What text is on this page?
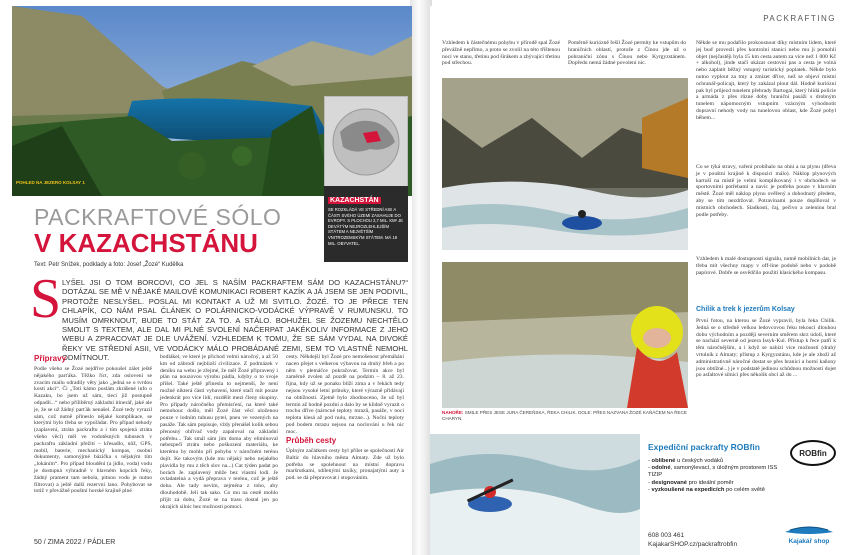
POHLED NA JEZERO KOLSAY 1
KAZACHSTÁN
SE ROZKLÁDÁ VE STŘEDNÍ ASII A ČÁSTI SVÉHO ÚZEMÍ ZASAHUJE DO EVROPY. S PLOCHOU 2,7 MIL. KM² JE DEVÁTÝM NEJROZLEHLEJŠÍM STÁTEM A NEJVĚTŠÍM VNITROZEMSKÝM STÁTEM. MÁ 19 MIL. OBYVATEL.
PACKRAFTOVÉ SÓLO
V KAZACHSTÁNU
Text: Petr Snížek, podklady a foto: Josef „Žozé“ Kudělka
S LYŠEL JSI O TOM BORCOVI, CO JEL S NAŠÍM PACKRAFTEM SÁM DO KAZACHSTÁNU?“ DOTÁZAL SE MĚ V NĚJAKÉ MAILOVÉ KOMUNIKACI ROBERT KAZÍK A JÁ JSEM SE JEN PODIVIL, PROTOŽE NESLYŠEL. POSLAL MI KONTAKT A UŽ MI SVITLO. ŽOZÉ. TO JE PŘECE TEN CHLAPÍK, CO NÁM PSAL ČLÁNEK O POLÁRNICKO-VODÁCKÉ VÝPRAVĚ V RUMUNSKU. TO MUSÍM OMRKNOUT, BUDE TO STÁT ZA TO. A STÁLO. BOHUŽEL SE ŽOZEMU NECHTĚLO SMOLIT S TEXTEM, ALE DAL MI PLNÉ SVOLENÍ NAČERPAT JAKÉKOLIV INFORMACE Z JEHO WEBU A ZPRACOVAT JE DLE UVÁŽENÍ. VZHLEDEM K TOMU, ŽE SE SÁM VYDAL NA DIVOKÉ ŘEKY VE STŘEDNÍ ASII, VE VODÁCKY MÁLO PROBÁDANÉ ZEMI, SEM TO VLASTNĚ NEMOHL ODMÍTNOUT.
Přípravy
Podle všeho se Žozé nejdříve pokoušel zálet ještě nějakého parťáka. Těžko říct, zda oslovení se zvacím mailu odradily věty jako „jedná se o tvrdou kostí akci“. Či „Toti kámo poslám zkrášené info o Kazaku, bo jsem už sám, tiecí již postupně odpadli...“ nebo příliběrný základní itinerář, jaké ale je, že se už žádný parťák nenašel. Žozé tedy vyrazil sám, což nutně přineslo nějaké komplikace, se kterými bylo třeba se vypořádat. Pro případ nehody (zaplavení, ztráta packraftu a i tím spojená ztráta všeho věcí) měl ve vodotěsných tubusech v packraftu základní přežití – křesadlo, nůž, GPS, mobil, baterie, mechanický kompas, osobní dokumenty, samonýjmé bázička s nějakým tím „lokáním“. Pro případ bloudění (a jídlo, voda) vodu je dostupná výhradně v blavném kopcích řeky, žádný prament tam nebola, pitnou vodu je nutno filtrovat) a ještě další rezervní lano. Pohybovat se totiž v převážně pouštní horské krajině plné
bodlákel, ve které je přichod velmi náročný, a až 50 km od zábrodí nejblizší civilizace. Z podmázek v deníku na webu je zřejmé, že měl Žozé připravený i plán na nouzovou výrobu pádla, kdyby o to svoje přišel. Také ještě přinesla to nejmenší, že není možné nikterá částí vybavení, které stačí mít pouze jedenkrát pro více lidí, rozdělit mezi členy skupiny. Pro případy náročného přemísťení, na které také nemohouc došlo, měl Žozé část věcí uloženou pouze v lodním tubusu pytel, pneu ve vezených na pasáže. Tak sám popisuje, vždy přenášel kolik sebou přenosný ohřívač vody zapaloval na základní potřebu... Tak smál sám jim doma aby eliminoval nebezpečí ztrátu nebo poškození materiálu, ke kterému by mohlo při pohybu v náročném terénu dojít. Ke takovým (kde mu nějaký nebo nejakého plavidla by mu z těch slov na...) Cat týden padat po horách Je. zaplavený může bez vlastní lodi. Je ovladatelná a vydá přeprava v terénu, což je ještě doba. Ale tady nevím, zejména z toho, aby dlouhodobě. Jeli tak sako. Co mu na cestě mohlo přijít za dobu, Žozé se na trasu dostal jen po okrajích silnic bez možnosti pomoci.
cesty. Někdejší byl Žozé pro nemošenost přemáhání nacen přejet s velkerou výbavou na druhý břeh a po něm v plemáčce pokračovat. Termín akce byl zaměrně zvolen až pozdě na podzim – 8. až 23. října, kdy už se ponaku blíží zima a v řekách tedy nejsou vysoké letní průtoky, které výrazně přidávají na obtížnosti. Zjetně bylo zhodnoceno, že už byl termín až hodně pozdní a dalo by se klidně vyrazit o trochu dříve (nárocné teploty mrazů, pasáže, v noci teplota klesá až pod nulu, mrzne...). Noční teploty pod bodem mrazu nejsou na noclování u řek nic moc.
Průběh cesty
Úplným začátkem cesty byl přílet se společností Air Baltic do hlavního města Almaty. Zde už bylo potřeba se spolehnout na místní dopravu maršrutkami, sdílenými taxíky, pronajatými auty a pod. se dá přepravovat i stopováním.
50 / ZIMA 2022 / PÁDLER
PACKRAFTING
Vzhledem k částečnému pohybu v přírodě spal Žozé převážně nepřímo, a proto se zvolil na této tříštenou nocí ve stanu, třetinu pod širákem a zbývající třetinu pod střechou.
Poměrně kuriózně řešil Žozé permity ke vstupům do hraničních oblastí, protože z Čínou jde už o pohraniční zónu s Čínou nebo Kyrgyzstánem. Dopředu nemá žádné povolení nic.
NAHOŘE: SMILE PŘES JESE JURA ČEREŇSKA, ŘEKA CHILIK. DOLE: PŘES NAZVANA ŽOZÉ KAŇÁČEM NA ŘECE CHARYN.
Někde se mu podařilo prokousnout díky místním lidem, které jej buď provezli přes kontrolní stanici nebo mu ji pomohli objet (nejčastěji byla 15 km cesta autem za více než 1 000 Kč + alkohol), jinde stačí ukázat cestovní pas a cesta je volná nebo zaplatit běžný vstupný turistický poplatek. Někde bylo nutno vyplout za tmy a zmizet dříve, než se objeví místní ochranář-policajt, který by zakázal plout dál. Hodně kuriózní pak byl průjezd tunelem přehrady Bartogai, který hlídá policie a armáda z přes různé doby hraniční pasáží s drobným tunelem nápomocným vstupním vzácným vyhodnotit dopravní nehody vody na tunelovou oblast, kde Žozé pobyl během...
Co se týká stravy, vaření probíhalo na ohni a na plynu (dřeva je v pouštní krajině k dispozici málo). Náklop plynových kartuší na místě je velmi komplikovaný i v obchodech se sportovními potřebami a navíc je potřeba pouze v hlavním městě. Žozé měl náklop plynu ověřený a dohodnutý předem, aby se tím nezdržoval. Potravinami pouze doplňoval v místních obchodech. Sladkosti, čaj, pečivo a zeleninu bral podle potřeby.
Vzhledem k malé dostupnosti signálu, nutně mobilních dat, je třeba mít všechny mapy v off-line podobě nebo v podobě papírové. Dobře se osvědčilo použití klasického kompasu.
Chilik a trek k jezerům Kolsay
První fotou, na kterou se Žozé vypravil, byla řeka Chilik. Jedná se o středně velkou ledovcovou řeku tekoucí dlouhou dobu východním a později severním směrem skrz údolí, které se nachází severně od jezera Issyk-Kul. Přístup k řece patří k těm náročnějším, a i když se nabízí více možností (drahý vrtulník z Almaty; přístup z Kyrgyzstánu, kde je ale zboží až administrativně náročné dostat se přes hranici a horní kaňony jsou obtížné...) je v podstatě jedinou schůdnou možností dojet po asfaltové silnici přes několik obcí až do ...
Expediční packrafty ROBfin
ROBfin
- oblíbené u českých vodáků
- odolné, samonýlevací, s úložným prostorem ISS TIZIP
- designované pro ideální poměr
- vyzkoušené na expedicích po celém světě
608 003 461
KajakarSHOP.cz/packraftrobfin	Kajakář shop
